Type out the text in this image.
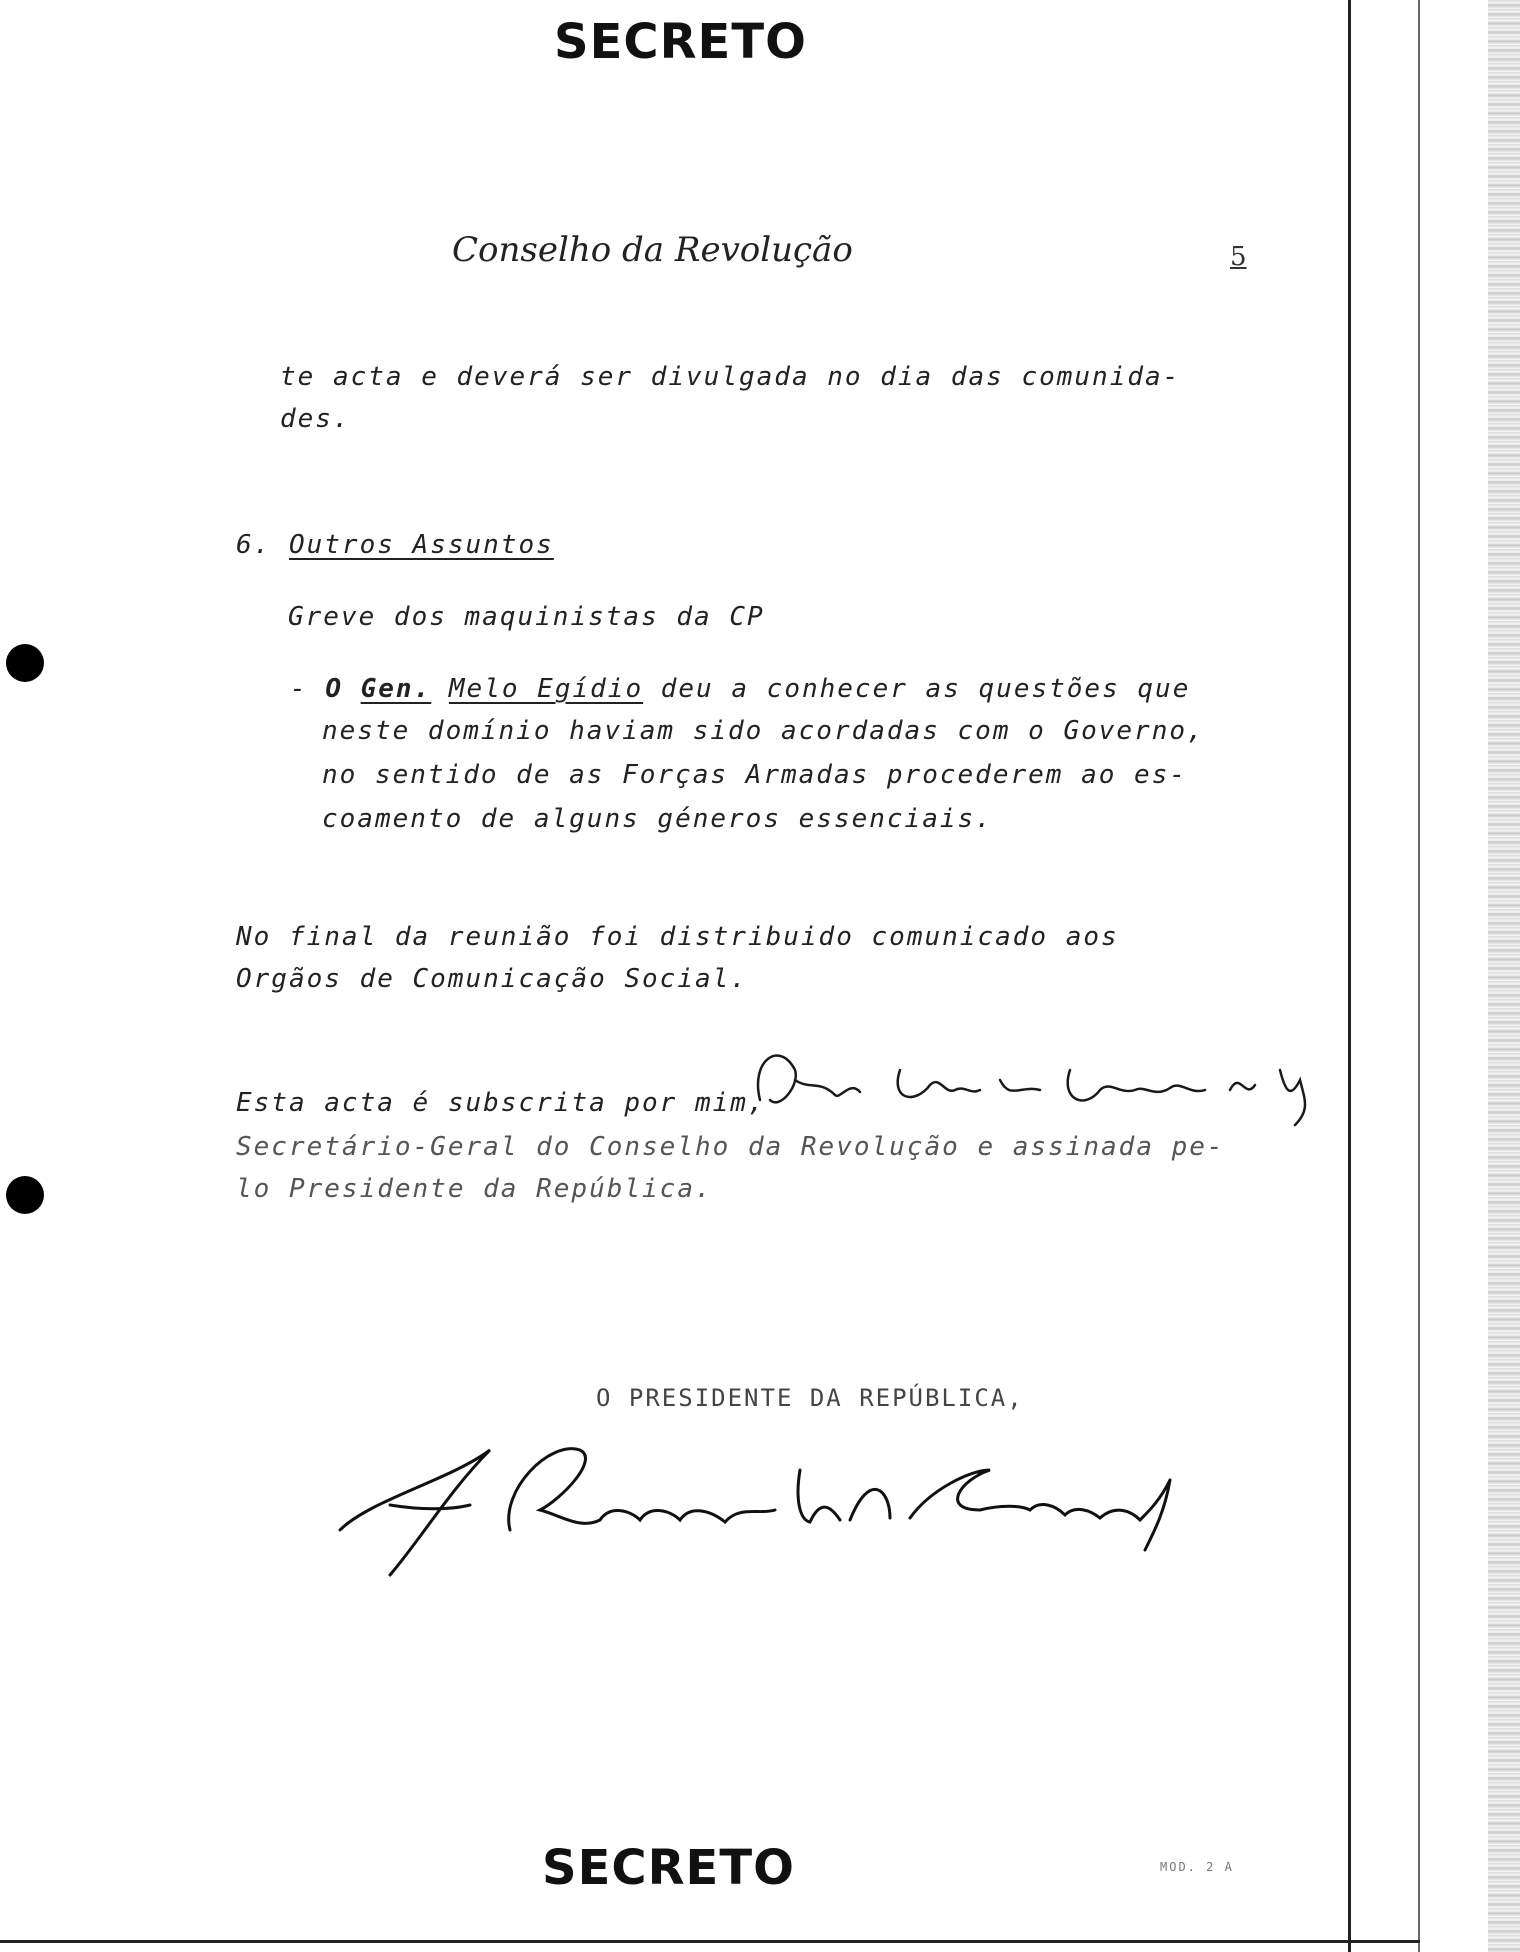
SECRETO
Conselho da Revolução	5
te acta e deverá ser divulgada no dia das comunida-
des.
6. Outros Assuntos
Greve dos maquinistas da CP
- O Gen. Melo Egídio deu a conhecer as questões que
neste domínio haviam sido acordadas com o Governo,
no sentido de as Forças Armadas procederem ao es-
coamento de alguns géneros essenciais.
No final da reunião foi distribuido comunicado aos
Orgãos de Comunicação Social.
Esta acta é subscrita por mim,
Secretário-Geral do Conselho da Revolução e assinada pe-
lo Presidente da República.
O PRESIDENTE DA REPÚBLICA,
SECRETO	MOD. 2 A
